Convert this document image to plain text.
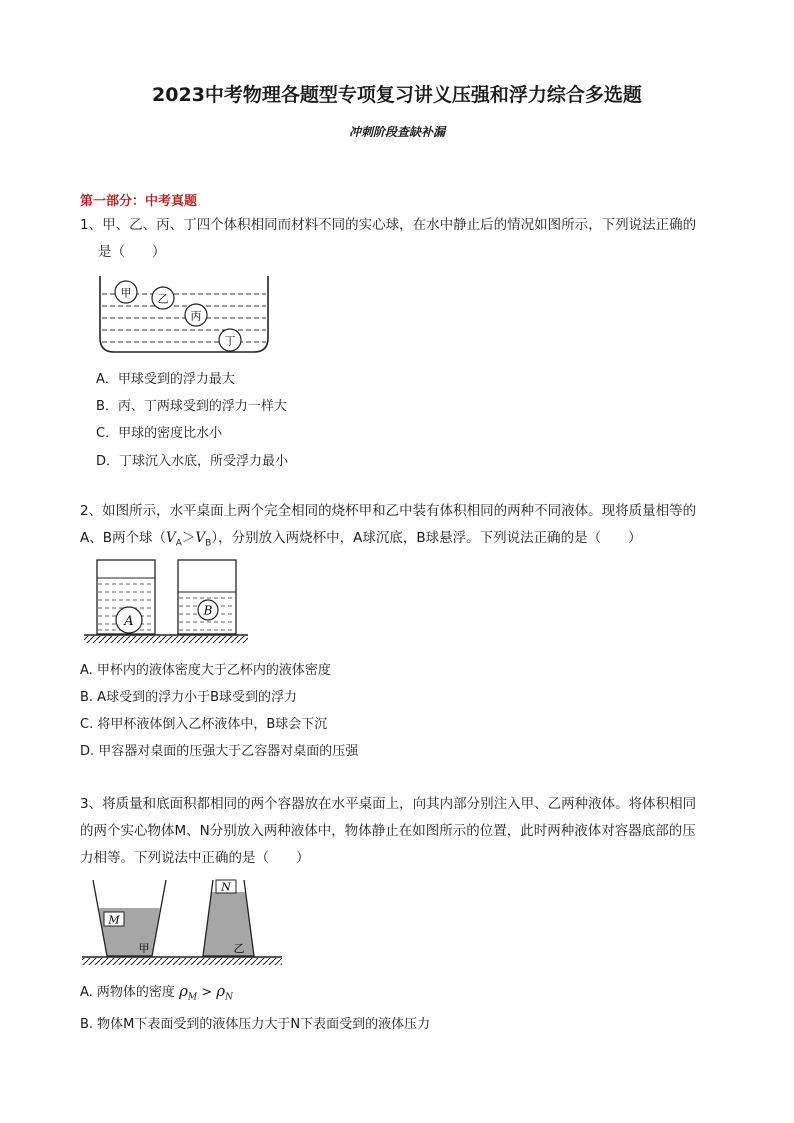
2023中考物理各题型专项复习讲义压强和浮力综合多选题
冲刺阶段查缺补漏
第一部分：中考真题
1、甲、乙、丙、丁四个体积相同而材料不同的实心球，在水中静止后的情况如图所示，下列说法正确的
是（　　）
甲 乙
丙
丁
A．甲球受到的浮力最大
B．丙、丁两球受到的浮力一样大
C．甲球的密度比水小
D．丁球沉入水底，所受浮力最小
2、如图所示，水平桌面上两个完全相同的烧杯甲和乙中装有体积相同的两种不同液体。现将质量相等的
A、B两个球$(V_A>V_B)$，分别放入两烧杯中，A球沉底，B球悬浮。下列说法正确的是（　　）
A
B
A. 甲杯内的液体密度大于乙杯内的液体密度
B. A球受到的浮力小于B球受到的浮力
C. 将甲杯液体倒入乙杯液体中，B球会下沉
D. 甲容器对桌面的压强大于乙容器对桌面的压强
3、将质量和底面积都相同的两个容器放在水平桌面上，向其内部分别注入甲、乙两种液体。将体积相同
的两个实心物体M、N分别放入两种液体中，物体静止在如图所示的位置，此时两种液体对容器底部的压
力相等。下列说法中正确的是（　　）
M
甲
N
乙
A. 两物体的密度 $\rho_M > \rho_N$
B. 物体M下表面受到的液体压力大于N下表面受到的液体压力
